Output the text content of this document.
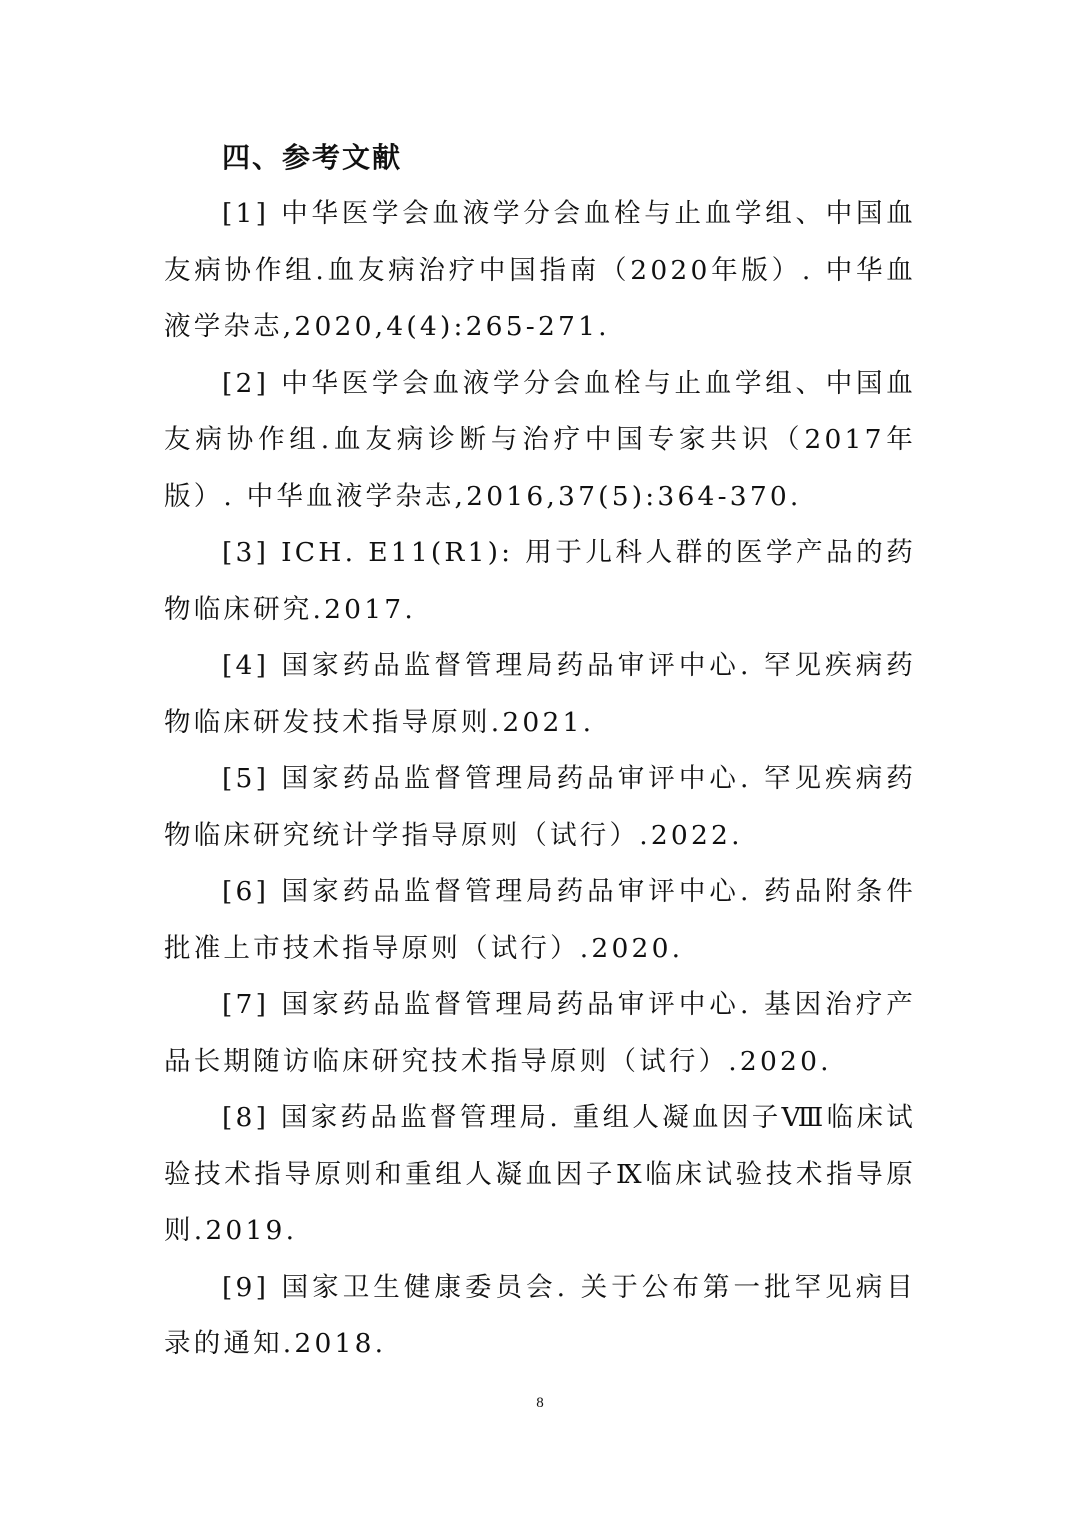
四、参考文献

[1] 中华医学会血液学分会血栓与止血学组、中国血友病协作组.血友病治疗中国指南（2020年版）. 中华血液学杂志,2020,4(4):265-271.

[2] 中华医学会血液学分会血栓与止血学组、中国血友病协作组.血友病诊断与治疗中国专家共识（2017年版）. 中华血液学杂志,2016,37(5):364-370.

[3] ICH. E11(R1): 用于儿科人群的医学产品的药物临床研究.2017.

[4] 国家药品监督管理局药品审评中心. 罕见疾病药物临床研发技术指导原则.2021.

[5] 国家药品监督管理局药品审评中心. 罕见疾病药物临床研究统计学指导原则（试行）.2022.

[6] 国家药品监督管理局药品审评中心. 药品附条件批准上市技术指导原则（试行）.2020.

[7] 国家药品监督管理局药品审评中心. 基因治疗产品长期随访临床研究技术指导原则（试行）.2020.

[8] 国家药品监督管理局. 重组人凝血因子Ⅷ临床试验技术指导原则和重组人凝血因子Ⅸ临床试验技术指导原则.2019.

[9] 国家卫生健康委员会. 关于公布第一批罕见病目录的通知.2018.

8
